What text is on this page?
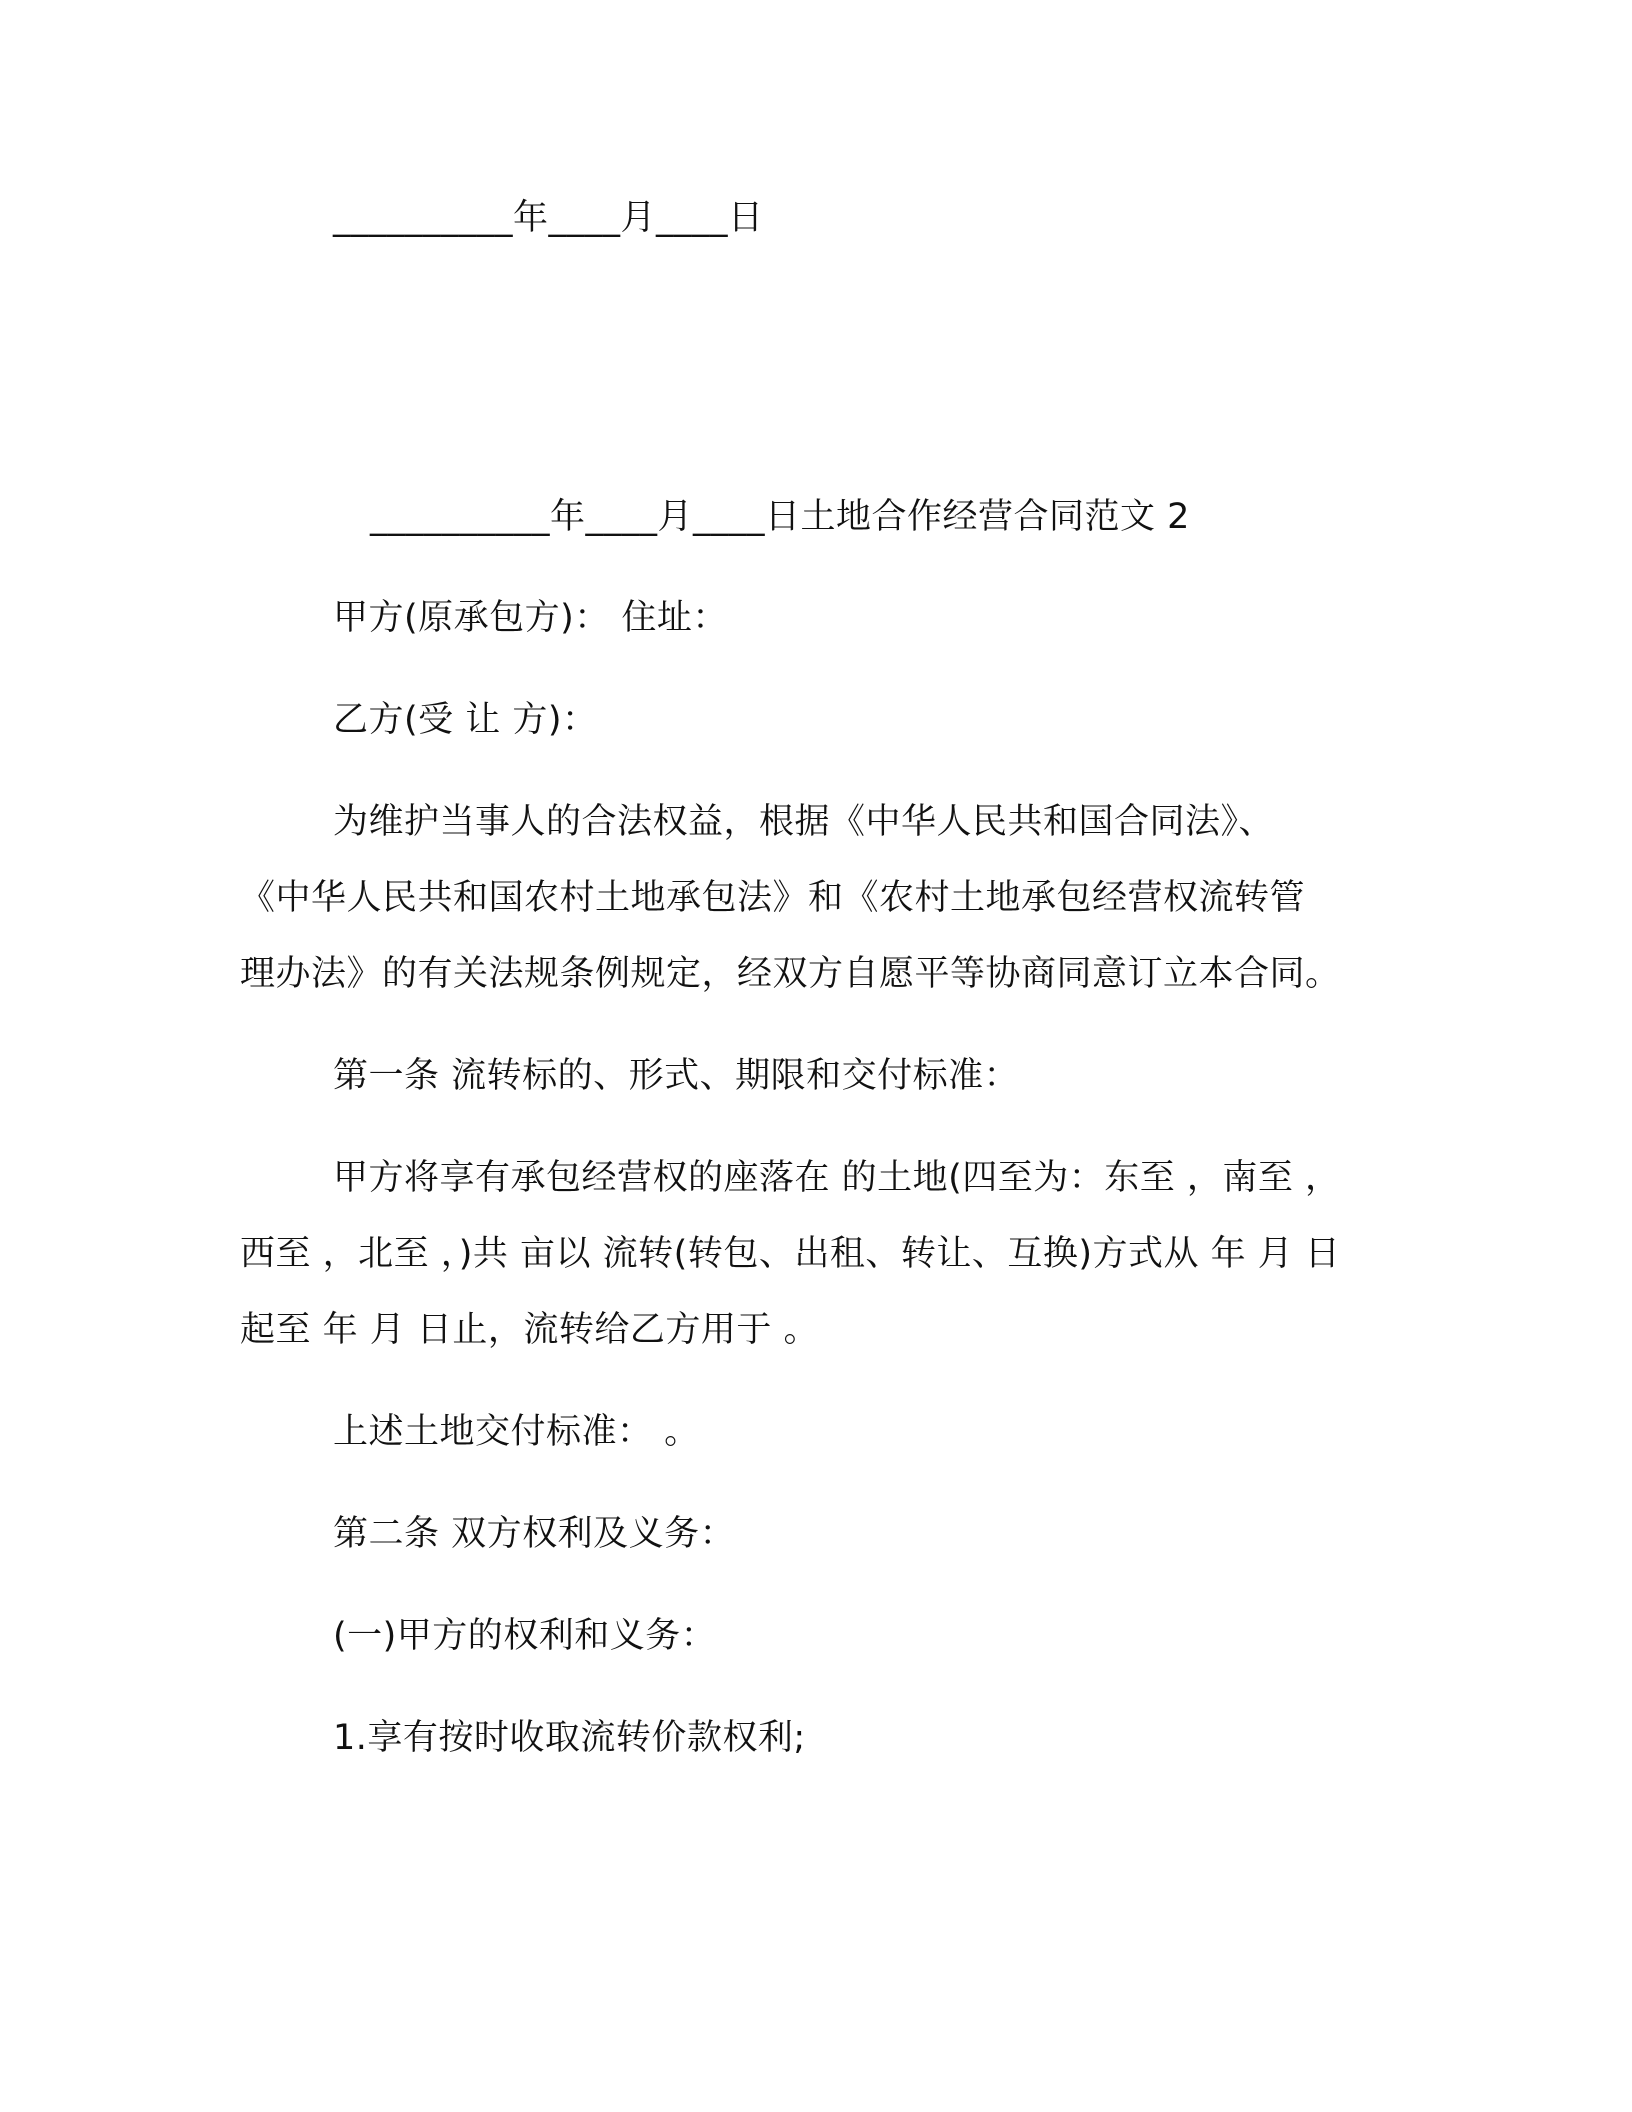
__________年____月____日
__________年____月____日土地合作经营合同范文 2
甲方(原承包方)： 住址：
乙方(受 让 方)：
为维护当事人的合法权益，根据《中华人民共和国合同法》、
《中华人民共和国农村土地承包法》和《农村土地承包经营权流转管
理办法》的有关法规条例规定，经双方自愿平等协商同意订立本合同。
第一条 流转标的、形式、期限和交付标准：
甲方将享有承包经营权的座落在 的土地(四至为：东至 ，南至 ，
西至 ，北至 ，)共 亩以 流转(转包、出租、转让、互换)方式从 年 月 日
起至 年 月 日止，流转给乙方用于 。
上述土地交付标准： 。
第二条 双方权利及义务：
(一)甲方的权利和义务：
1.享有按时收取流转价款权利;
